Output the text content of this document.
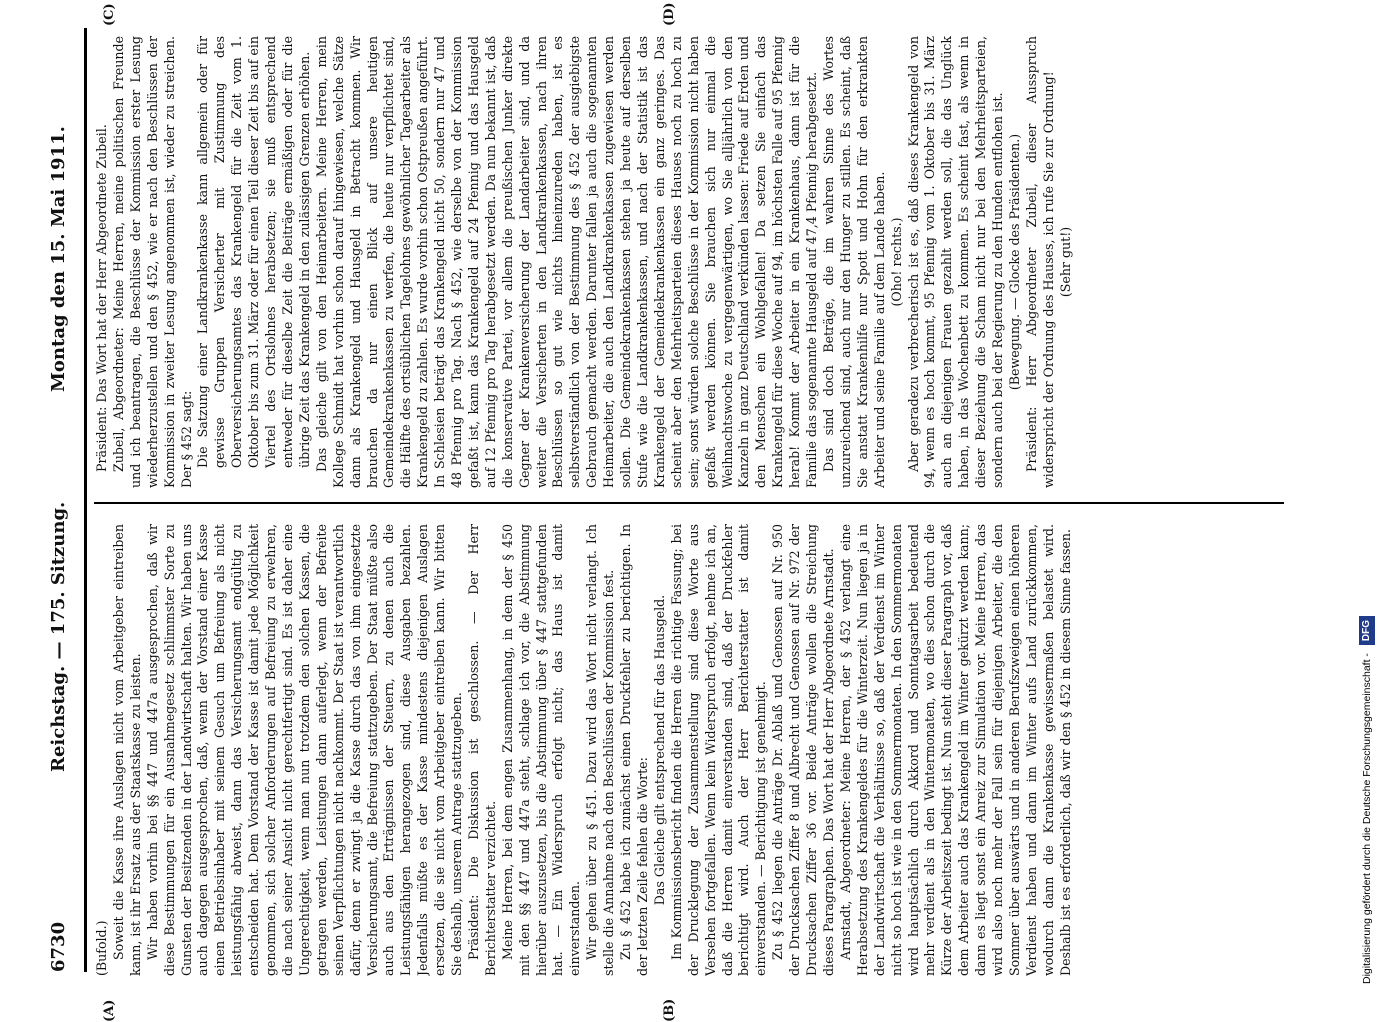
6730
Reichstag. — 175. Sitzung.
Montag den 15. Mai 1911.
(A)	(B)
(C)	(D)

(Bufold.) Soweit die Kasse ihre Auslagen nicht vom Arbeitgeber eintreiben kann, ist ihr Ersatz aus der Staatskasse zu leisten. Wir haben vorhin bei §§ 447 und 447a ausgesprochen, daß wir diese Bestimmungen für ein Ausnahmegesetz schlimmster Sorte zu Gunsten der Besitzenden in der Landwirtschaft halten. Wir haben uns auch dagegen ausgesprochen, daß, wenn der Vorstand einer Kasse einen Betriebsinhaber mit seinem Gesuch um Befreiung als nicht leistungsfähig abweist, dann das Versicherungsamt endgültig zu entscheiden hat. Dem Vorstand der Kasse ist damit jede Möglichkeit genommen, sich solcher Anforderungen auf Befreiung zu erwehren, die nach seiner Ansicht nicht gerechtfertigt sind. Es ist daher eine Ungerechtigkeit, wenn man nun trotzdem den solchen Kassen, die getragen werden, Leistungen dann auferlegt, wenn der Befreite seinen Verpflichtungen nicht nachkommt. Der Staat ist verantwortlich dafür, denn er zwingt ja die Kasse durch das von ihm eingesetzte Versicherungsamt, die Befreiung stattzugeben. Der Staat müßte also auch aus den Erträgnissen der Steuern, zu denen auch die Leistungsfähigen herangezogen sind, diese Ausgaben bezahlen. Jedenfalls müßte es der Kasse mindestens diejenigen Auslagen ersetzen, die sie nicht vom Arbeitgeber eintreiben kann. Wir bitten Sie deshalb, unserem Antrage stattzugeben. Präsident: Die Diskussion ist geschlossen. — Der Herr Berichterstatter verzichtet. Meine Herren, bei dem engen Zusammenhang, in dem der § 450 mit den §§ 447 und 447a steht, schlage ich vor, die Abstimmung hierüber auszusetzen, bis die Abstimmung über § 447 stattgefunden hat. — Ein Widerspruch erfolgt nicht; das Haus ist damit einverstanden. Wir gehen über zu § 451. Dazu wird das Wort nicht verlangt. Ich stelle die Annahme nach den Beschlüssen der Kommission fest. Zu § 452 habe ich zunächst einen Druckfehler zu berichtigen. In der letzten Zeile fehlen die Worte: Das Gleiche gilt entsprechend für das Hausgeld. Im Kommissionsbericht finden die Herren die richtige Fassung; bei der Drucklegung der Zusammenstellung sind diese Worte aus Versehen fortgefallen. Wenn kein Widerspruch erfolgt, nehme ich an, daß die Herren damit einverstanden sind, daß der Druckfehler berichtigt wird. Auch der Herr Berichterstatter ist damit einverstanden. — Berichtigung ist genehmigt. Zu § 452 liegen die Anträge Dr. Ablaß und Genossen auf Nr. 950 der Drucksachen Ziffer 8 und Albrecht und Genossen auf Nr. 972 der Drucksachen Ziffer 36 vor. Beide Anträge wollen die Streichung dieses Paragraphen. Das Wort hat der Herr Abgeordnete Arnstadt. Arnstadt, Abgeordneter: Meine Herren, der § 452 verlangt eine Herabsetzung des Krankengeldes für die Winterzeit. Nun liegen ja in der Landwirtschaft die Verhältnisse so, daß der Verdienst im Winter nicht so hoch ist wie in den Sommermonaten. In den Sommermonaten wird hauptsächlich durch Akkord und Sonntagsarbeit bedeutend mehr verdient als in den Wintermonaten, wo dies schon durch die Kürze der Arbeitszeit bedingt ist. Nun steht dieser Paragraph vor, daß dem Arbeiter auch das Krankengeld im Winter gekürzt werden kann; dann es liegt sonst ein Anreiz zur Simulation vor. Meine Herren, das wird also noch mehr der Fall sein für diejenigen Arbeiter, die den Sommer über auswärts und in anderen Berufszweigen einen höheren Verdienst haben und dann im Winter aufs Land zurückkommen, wodurch dann die Krankenkasse gewissermaßen belastet wird. Deshalb ist es erforderlich, daß wir den § 452 in diesem Sinne fassen.

Präsident: Das Wort hat der Herr Abgeordnete Zubeil. Zubeil, Abgeordneter: Meine Herren, meine politischen Freunde und ich beantragen, die Beschlüsse der Kommission erster Lesung wiederherzustellen und den § 452, wie er nach den Beschlüssen der Kommission in zweiter Lesung angenommen ist, wieder zu streichen. Der § 452 sagt: Die Satzung einer Landkrankenkasse kann allgemein oder für gewisse Gruppen Versicherter mit Zustimmung des Oberversicherungsamtes das Krankengeld für die Zeit vom 1. Oktober bis zum 31. März oder für einen Teil dieser Zeit bis auf ein Viertel des Ortslohnes herabsetzen; sie muß entsprechend entweder für dieselbe Zeit die Beiträge ermäßigen oder für die übrige Zeit das Krankengeld in den zulässigen Grenzen erhöhen. Das gleiche gilt von den Heimarbeitern. Meine Herren, mein Kollege Schmidt hat vorhin schon darauf hingewiesen, welche Sätze dann als Krankengeld und Hausgeld in Betracht kommen. Wir brauchen da nur einen Blick auf unsere heutigen Gemeindekrankenkassen zu werfen, die heute nur verpflichtet sind, die Hälfte des ortsüblichen Tagelohnes gewöhnlicher Tagearbeiter als Krankengeld zu zahlen. Es wurde vorhin schon Ostpreußen angeführt. In Schlesien beträgt das Krankengeld nicht 50, sondern nur 47 und 48 Pfennig pro Tag. Nach § 452, wie derselbe von der Kommission gefaßt ist, kann das Krankengeld auf 24 Pfennig und das Hausgeld auf 12 Pfennig pro Tag herabgesetzt werden. Da nun bekannt ist, daß die konservative Partei, vor allem die preußischen Junker direkte Gegner der Krankenversicherung der Landarbeiter sind, und da weiter die Versicherten in den Landkrankenkassen, nach ihren Beschlüssen so gut wie nichts hineinzureden haben, ist es selbstverständlich von der Bestimmung des § 452 der ausgiebigste Gebrauch gemacht werden. Darunter fallen ja auch die sogenannten Heimarbeiter, die auch den Landkrankenkassen zugewiesen werden sollen. Die Gemeindekrankenkassen stehen ja heute auf derselben Stufe wie die Landkrankenkassen, und nach der Statistik ist das Krankengeld der Gemeindekrankenkassen ein ganz geringes. Das scheint aber den Mehrheitsparteien dieses Hauses noch zu hoch zu sein; sonst würden solche Beschlüsse in der Kommission nicht haben gefaßt werden können. Sie brauchen sich nur einmal die Weihnachtswoche zu vergegenwärtigen, wo Sie alljährlich von den Kanzeln in ganz Deutschland verkünden lassen: Friede auf Erden und den Menschen ein Wohlgefallen! Da setzen Sie einfach das Krankengeld für diese Woche auf 94, im höchsten Falle auf 95 Pfennig herab! Kommt der Arbeiter in ein Krankenhaus, dann ist für die Familie das sogenannte Hausgeld auf 47,4 Pfennig herabgesetzt. Das sind doch Beträge, die im wahren Sinne des Wortes unzureichend sind, auch nur den Hunger zu stillen. Es scheint, daß Sie anstatt Krankenhilfe nur Spott und Hohn für den erkrankten Arbeiter und seine Familie auf dem Lande haben. (Oho! rechts.) Aber geradezu verbrecherisch ist es, daß dieses Krankengeld von 94, wenn es hoch kommt, 95 Pfennig vom 1. Oktober bis 31. März auch an diejenigen Frauen gezahlt werden soll, die das Unglück haben, in das Wochenbett zu kommen. Es scheint fast, als wenn in dieser Beziehung die Scham nicht nur bei den Mehrheitsparteien, sondern auch bei der Regierung zu den Hunden entflohen ist. (Bewegung. — Glocke des Präsidenten.) Präsident: Herr Abgeordneter Zubeil, dieser Ausspruch widerspricht der Ordnung des Hauses, ich rufe Sie zur Ordnung! (Sehr gut!)

Digitalisierung gefördert durch die Deutsche Forschungsgemeinschaft -
DFG
